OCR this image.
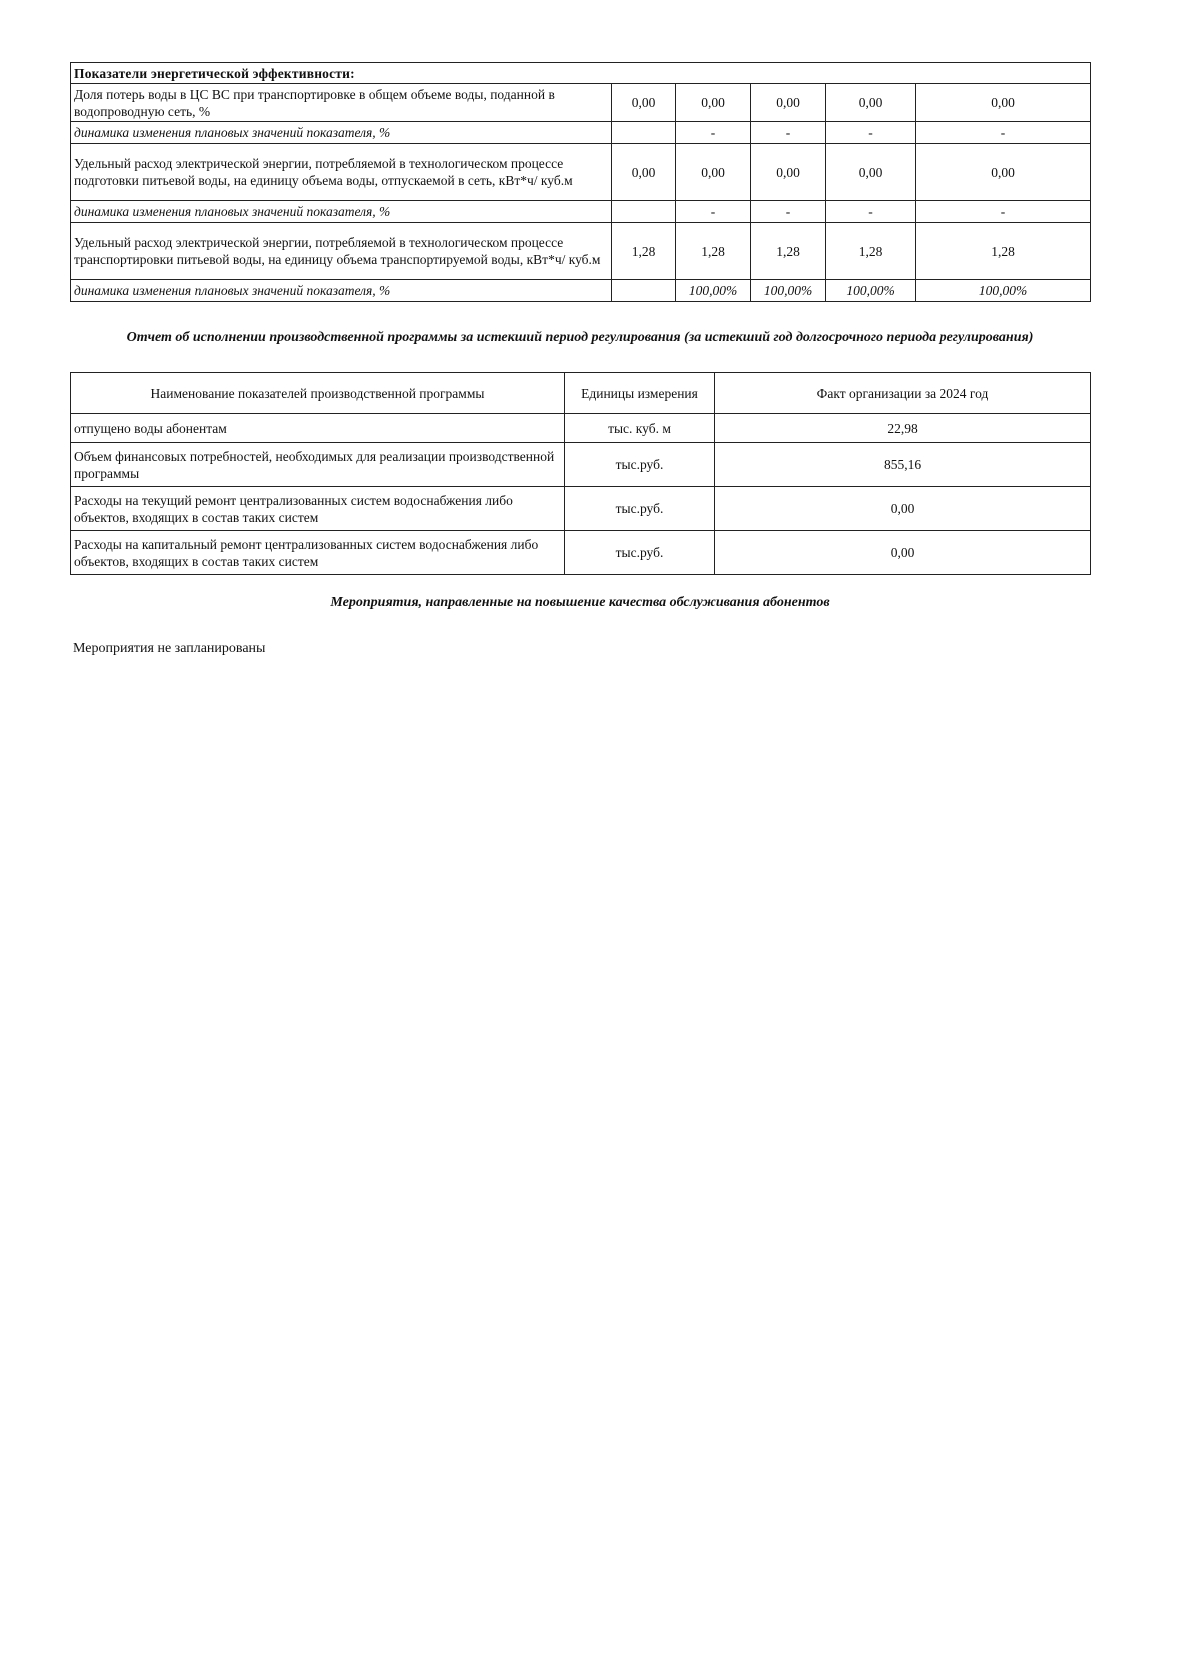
Показатели энергетической эффективности:					
Доля потерь воды в ЦС ВС при транспортировке в общем объеме воды, поданной в водопроводную сеть, %	0,00	0,00	0,00	0,00	0,00
динамика изменения плановых значений показателя, %		-	-	-	-
Удельный расход электрической энергии, потребляемой в технологическом процессе подготовки питьевой воды, на единицу объема воды, отпускаемой в сеть, кВт*ч/ куб.м	0,00	0,00	0,00	0,00	0,00
динамика изменения плановых значений показателя, %		-	-	-	-
Удельный расход электрической энергии, потребляемой в технологическом процессе транспортировки питьевой воды, на единицу объема транспортируемой воды, кВт*ч/ куб.м	1,28	1,28	1,28	1,28	1,28
динамика изменения плановых значений показателя, %		100,00%	100,00%	100,00%	100,00%
Отчет об исполнении производственной программы за истекший период регулирования (за истекший год долгосрочного периода регулирования)
Наименование показателей производственной программы	Единицы измерения	Факт организации за 2024 год
отпущено воды абонентам	тыс. куб. м	22,98
Объем финансовых потребностей, необходимых для реализации производственной программы	тыс.руб.	855,16
Расходы на текущий ремонт централизованных систем водоснабжения либо объектов, входящих в состав таких систем	тыс.руб.	0,00
Расходы на капитальный ремонт централизованных систем водоснабжения либо объектов, входящих в состав таких систем	тыс.руб.	0,00
Мероприятия, направленные на повышение качества обслуживания абонентов
Мероприятия не запланированы
